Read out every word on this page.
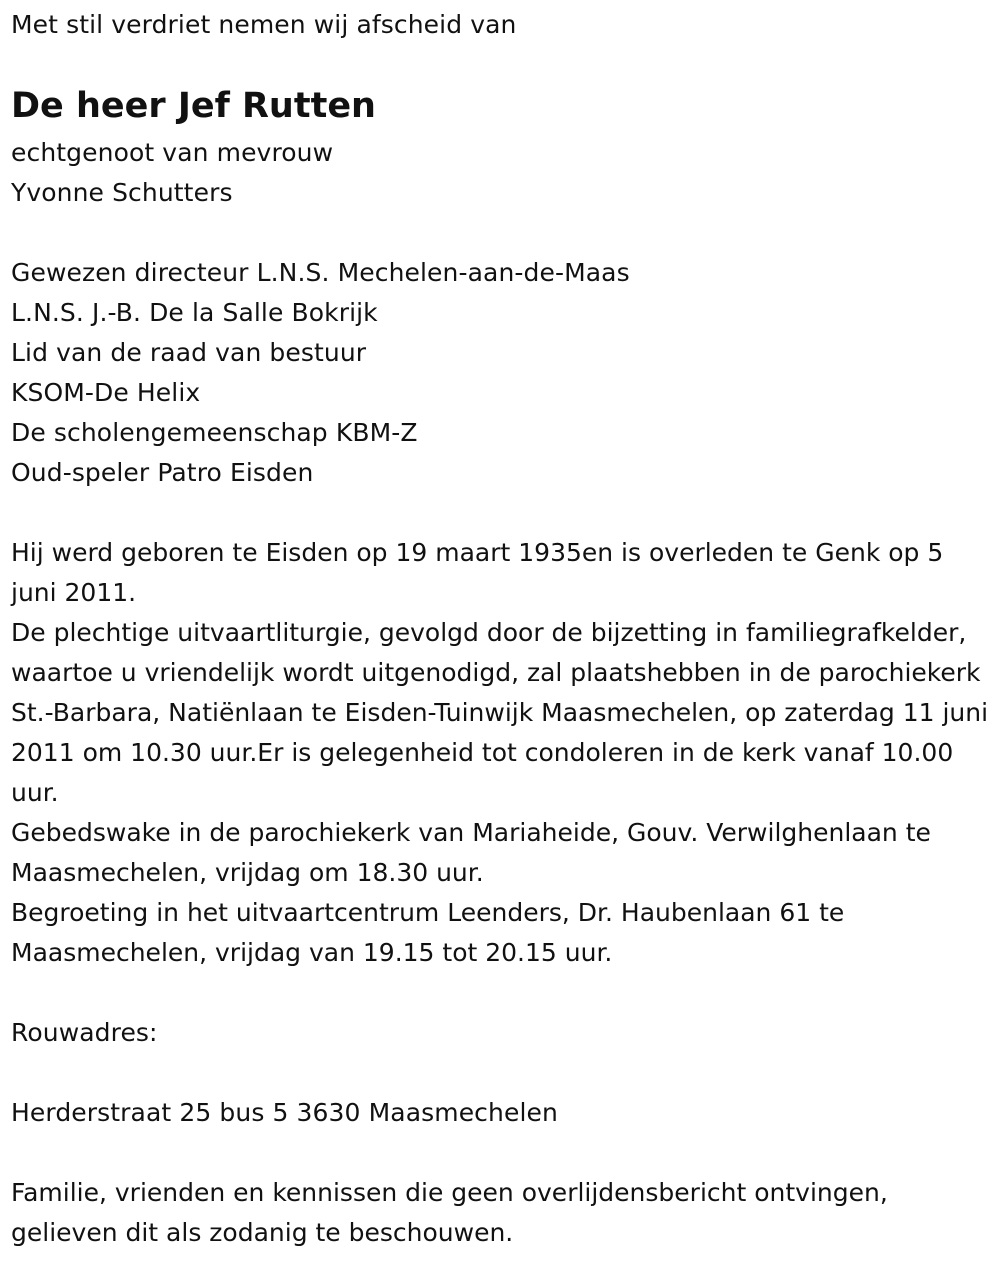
Met stil verdriet nemen wij afscheid van
De heer Jef Rutten
echtgenoot van mevrouw
Yvonne Schutters
Gewezen directeur L.N.S. Mechelen-aan-de-Maas
L.N.S. J.-B. De la Salle Bokrijk
Lid van de raad van bestuur
KSOM-De Helix
De scholengemeenschap KBM-Z
Oud-speler Patro Eisden

Hij werd geboren te Eisden op 19 maart 1935en is overleden te Genk op 5 juni 2011.

De plechtige uitvaartliturgie, gevolgd door de bijzetting in familiegrafkelder, waartoe u vriendelijk wordt uitgenodigd, zal plaatshebben in de parochiekerk St.-Barbara, Natiënlaan te Eisden-Tuinwijk Maasmechelen, op zaterdag 11 juni 2011 om 10.30 uur.Er is gelegenheid tot condoleren in de kerk vanaf 10.00 uur.

Gebedswake in de parochiekerk van Mariaheide, Gouv. Verwilghenlaan te Maasmechelen, vrijdag om 18.30 uur.

Begroeting in het uitvaartcentrum Leenders, Dr. Haubenlaan 61 te Maasmechelen, vrijdag van 19.15 tot 20.15 uur.

Rouwadres:
Herderstraat 25 bus 5 3630 Maasmechelen

Familie, vrienden en kennissen die geen overlijdensbericht ontvingen, gelieven dit als zodanig te beschouwen.
